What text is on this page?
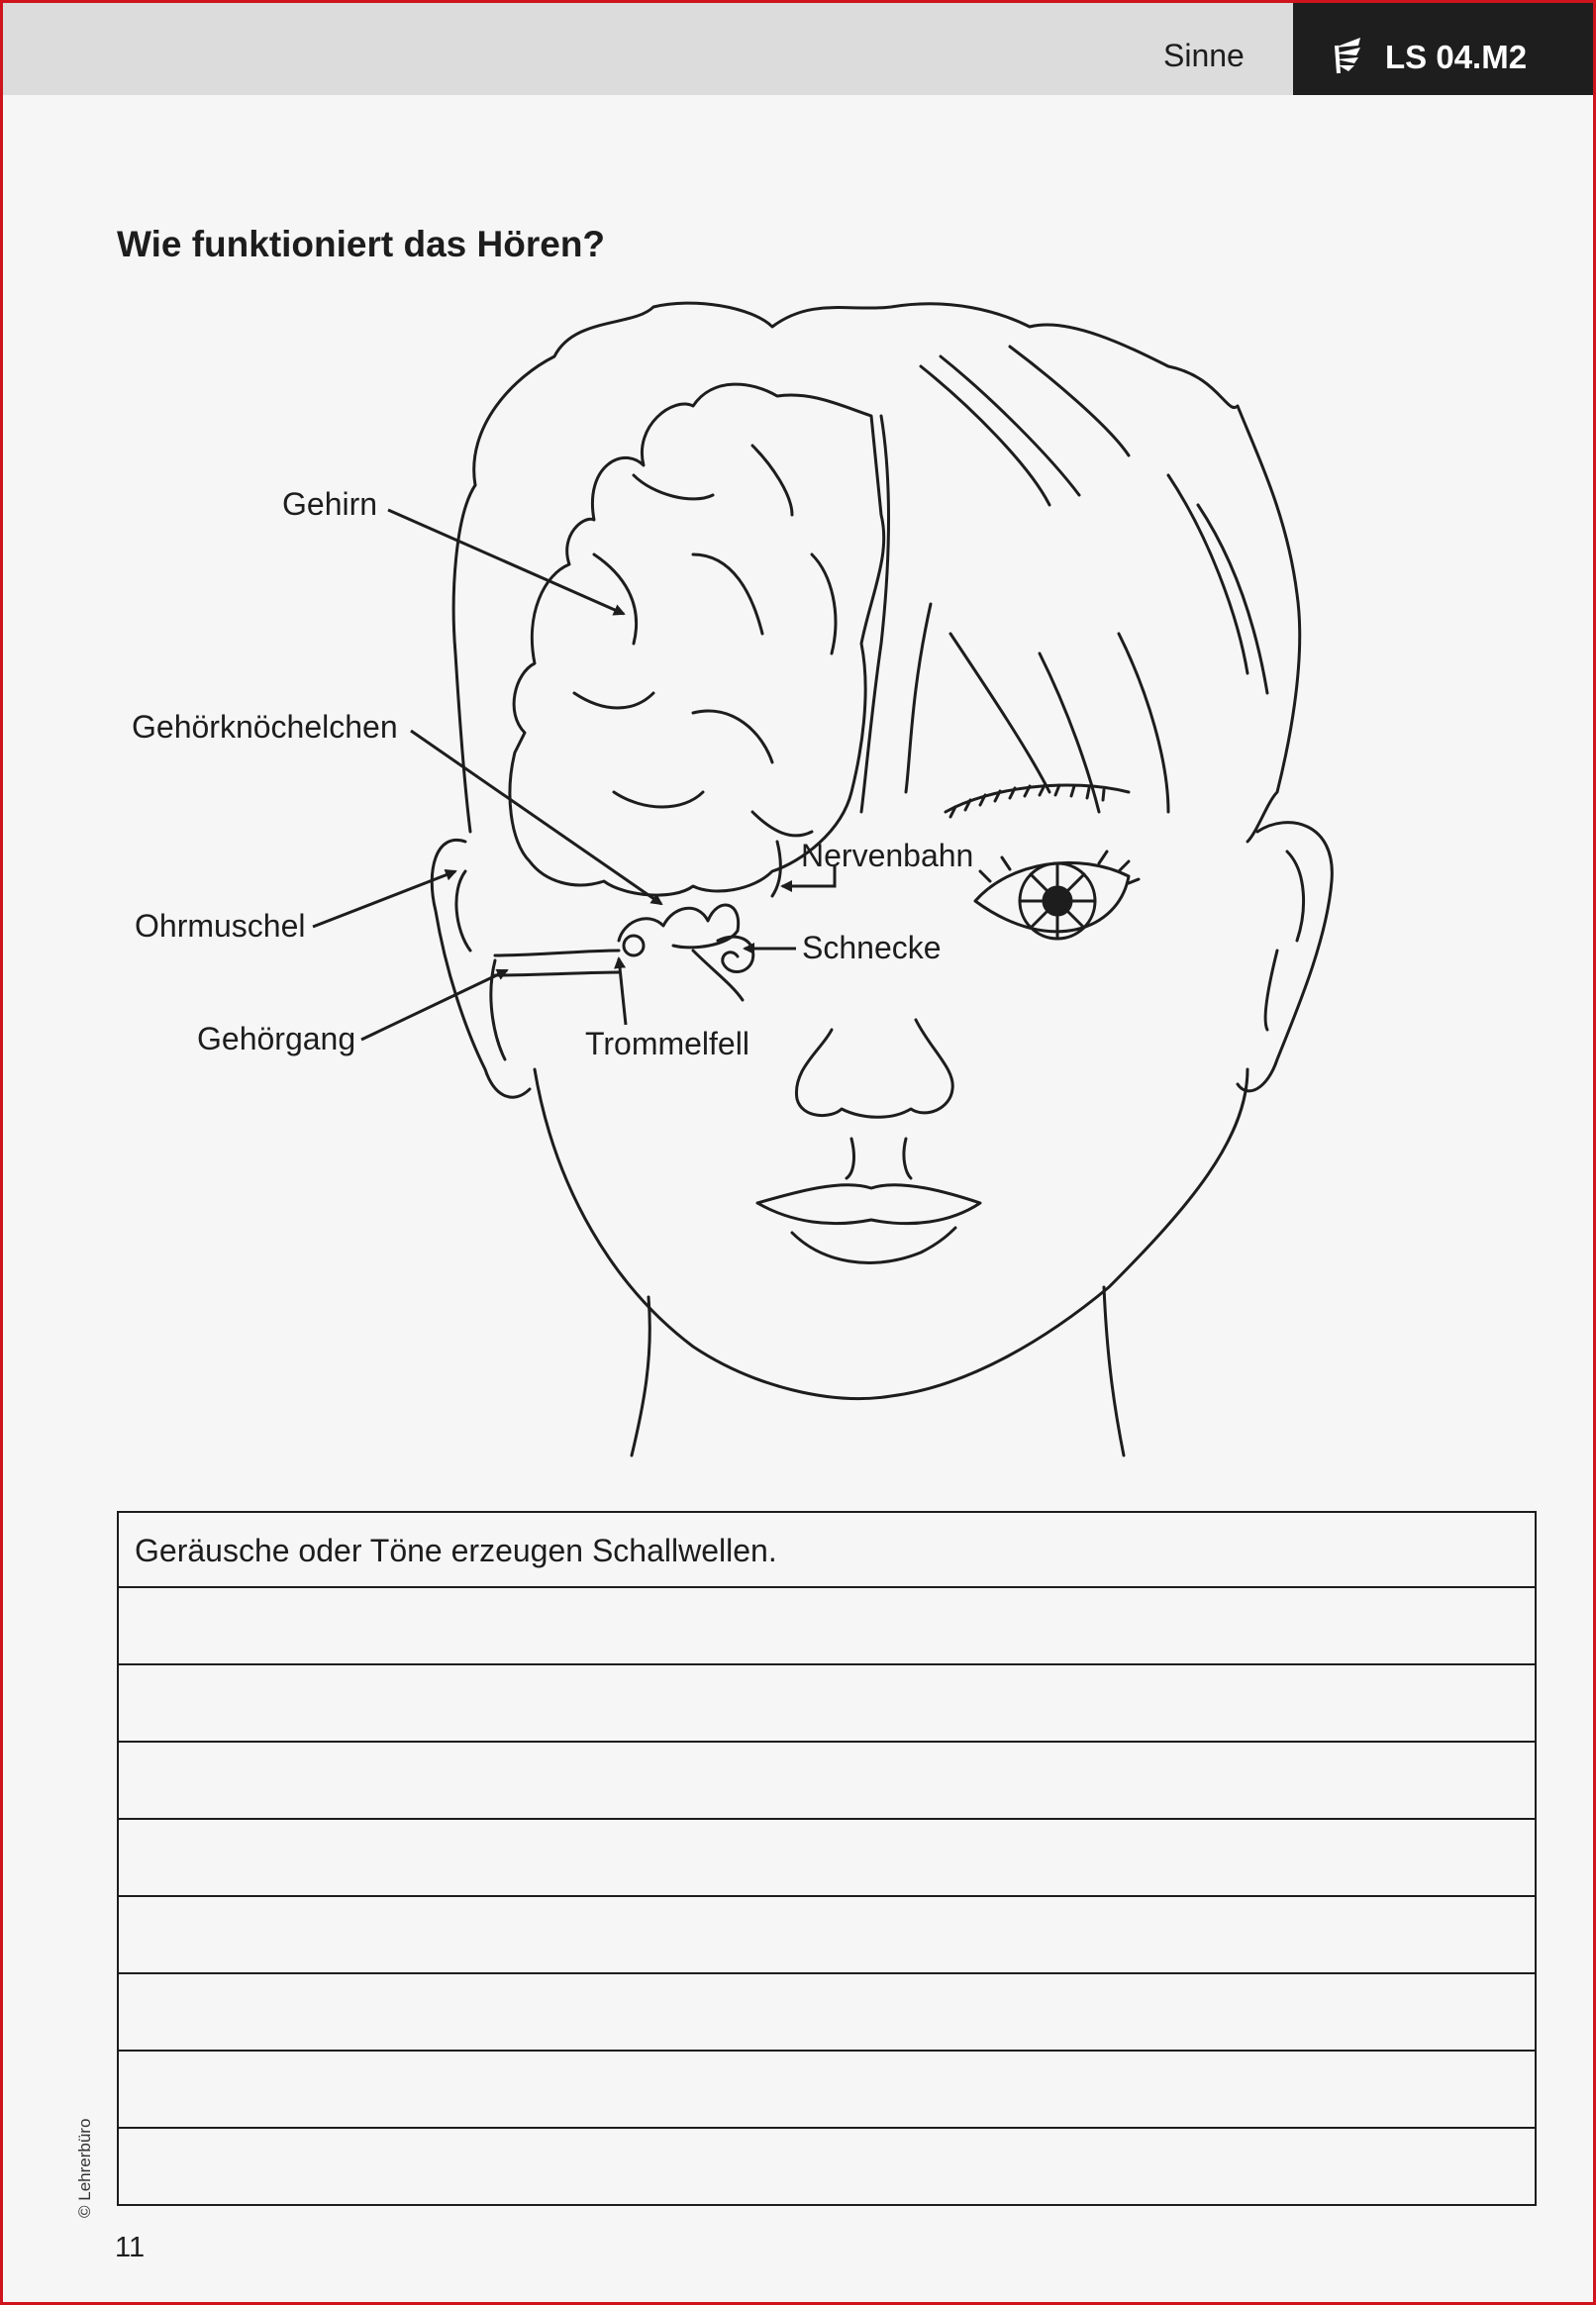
Sinne	LS 04.M2
Wie funktioniert das Hören?
Gehirn
Gehörknöchelchen
Nervenbahn
Ohrmuschel
Schnecke
Gehörgang	Trommelfell
Geräusche oder Töne erzeugen Schallwellen.
© Lehrerbüro
11
